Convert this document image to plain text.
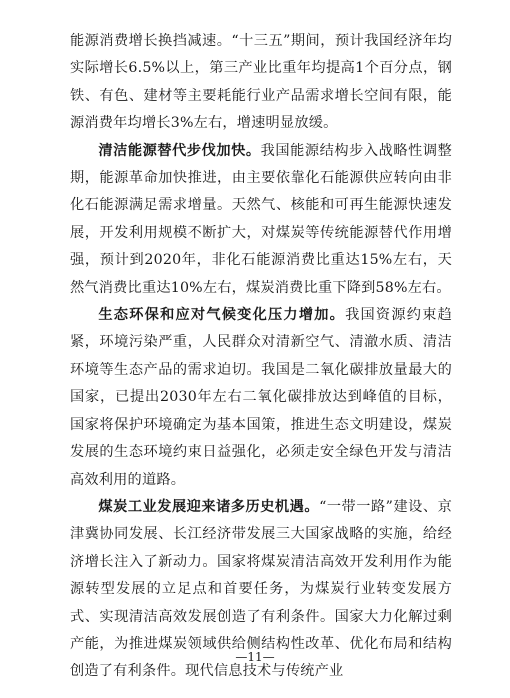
能源消费增长换挡减速。“十三五”期间，预计我国经济年均实际增长6.5%以上，第三产业比重年均提高1个百分点，钢铁、有色、建材等主要耗能行业产品需求增长空间有限，能源消费年均增长3%左右，增速明显放缓。

清洁能源替代步伐加快。我国能源结构步入战略性调整期，能源革命加快推进，由主要依靠化石能源供应转向由非化石能源满足需求增量。天然气、核能和可再生能源快速发展，开发利用规模不断扩大，对煤炭等传统能源替代作用增强，预计到2020年，非化石能源消费比重达15%左右，天然气消费比重达10%左右，煤炭消费比重下降到58%左右。

生态环保和应对气候变化压力增加。我国资源约束趋紧，环境污染严重，人民群众对清新空气、清澈水质、清洁环境等生态产品的需求迫切。我国是二氧化碳排放量最大的国家，已提出2030年左右二氧化碳排放达到峰值的目标，国家将保护环境确定为基本国策，推进生态文明建设，煤炭发展的生态环境约束日益强化，必须走安全绿色开发与清洁高效利用的道路。

煤炭工业发展迎来诸多历史机遇。“一带一路”建设、京津冀协同发展、长江经济带发展三大国家战略的实施，给经济增长注入了新动力。国家将煤炭清洁高效开发利用作为能源转型发展的立足点和首要任务，为煤炭行业转变发展方式、实现清洁高效发展创造了有利条件。国家大力化解过剩产能，为推进煤炭领域供给侧结构性改革、优化布局和结构创造了有利条件。现代信息技术与传统产业

—11—
